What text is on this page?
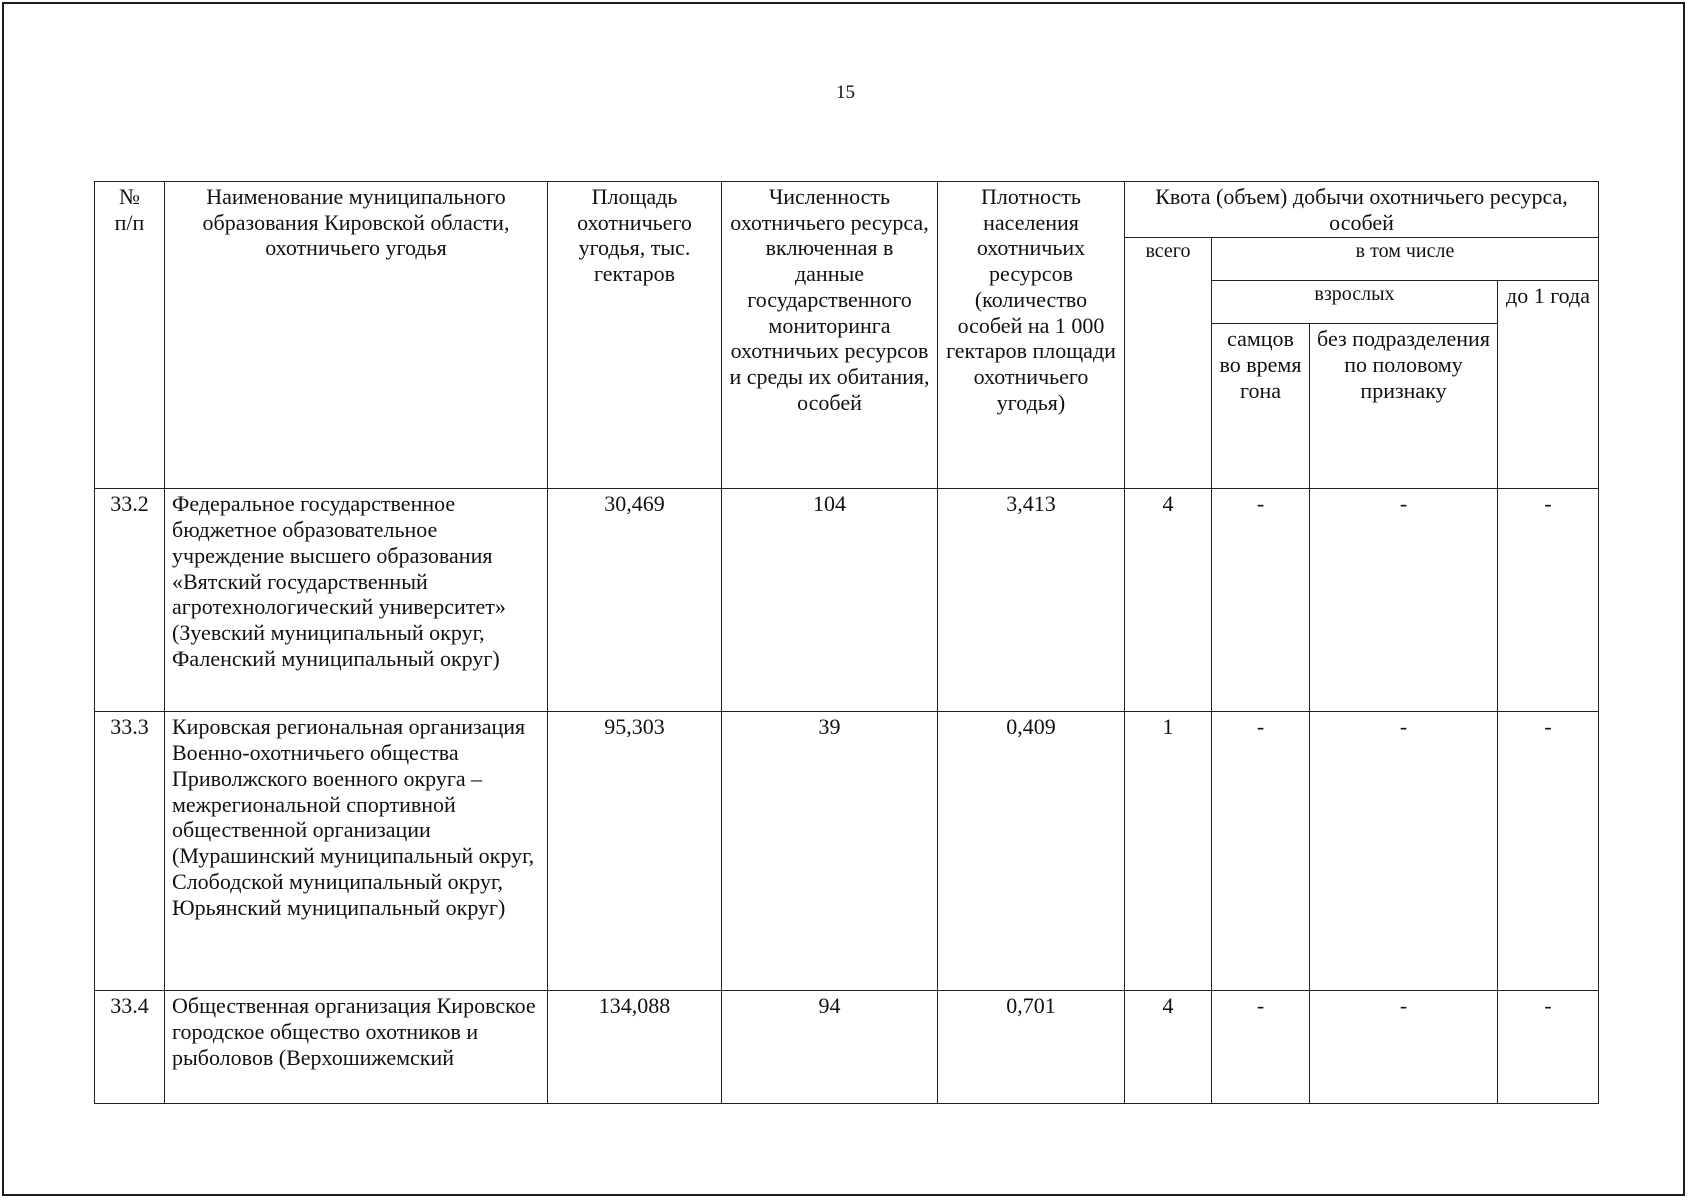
15
№
п/п	Наименование муниципального образования Кировской области, охотничьего угодья	Площадь охотничьего угодья, тыс. гектаров	Численность охотничьего ресурса, включенная в данные государственного мониторинга охотничьих ресурсов и среды их обитания, особей	Плотность населения охотничьих ресурсов (количество особей на 1 000 гектаров площади охотничьего угодья)	Квота (объем) добычи охотничьего ресурса, особей			
					всего	в том числе		
						взрослых		до 1 года
						самцов во время гона	без подразделения по половому признаку	
33.2	Федеральное государственное бюджетное образовательное учреждение высшего образования «Вятский государственный агротехнологический университет» (Зуевский муниципальный округ, Фаленский муниципальный округ)	30,469	104	3,413	4	-	-	-
33.3	Кировская региональная организация Военно-охотничьего общества Приволжского военного округа – межрегиональной спортивной общественной организации (Мурашинский муниципальный округ, Слободской муниципальный округ, Юрьянский муниципальный округ)	95,303	39	0,409	1	-	-	-
33.4	Общественная организация Кировское городское общество охотников и рыболовов (Верхошижемский	134,088	94	0,701	4	-	-	-
